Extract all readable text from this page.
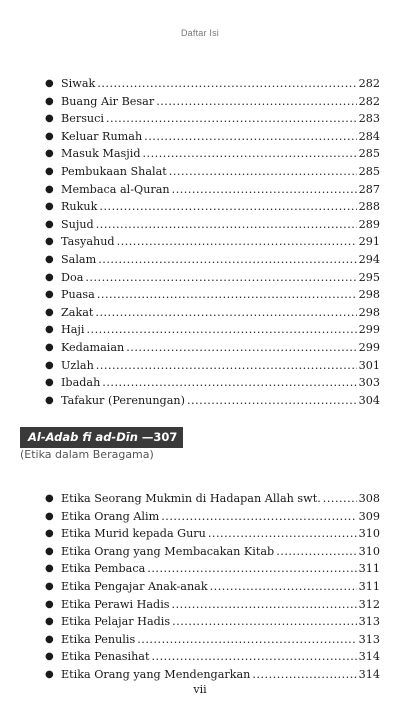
Daftar Isi
● Siwak .....	282
● Buang Air Besar .....	282
● Bersuci .....	283
● Keluar Rumah .....	284
● Masuk Masjid .....	285
● Pembukaan Shalat .....	285
● Membaca al-Quran .....	287
● Rukuk .....	288
● Sujud .....	289
● Tasyahud .....	291
● Salam .....	294
● Doa .....	295
● Puasa .....	298
● Zakat .....	298
● Haji .....	299
● Kedamaian .....	299
● Uzlah .....	301
● Ibadah .....	303
● Tafakur (Perenungan) .....	304
Al-Adab fi ad-Dīn —307
(Etika dalam Beragama)
● Etika Seorang Mukmin di Hadapan Allah swt. .....	308
● Etika Orang Alim .....	309
● Etika Murid kepada Guru .....	310
● Etika Orang yang Membacakan Kitab .....	310
● Etika Pembaca .....	311
● Etika Pengajar Anak-anak .....	311
● Etika Perawi Hadis .....	312
● Etika Pelajar Hadis .....	313
● Etika Penulis .....	313
● Etika Penasihat .....	314
● Etika Orang yang Mendengarkan .....	314
vii
